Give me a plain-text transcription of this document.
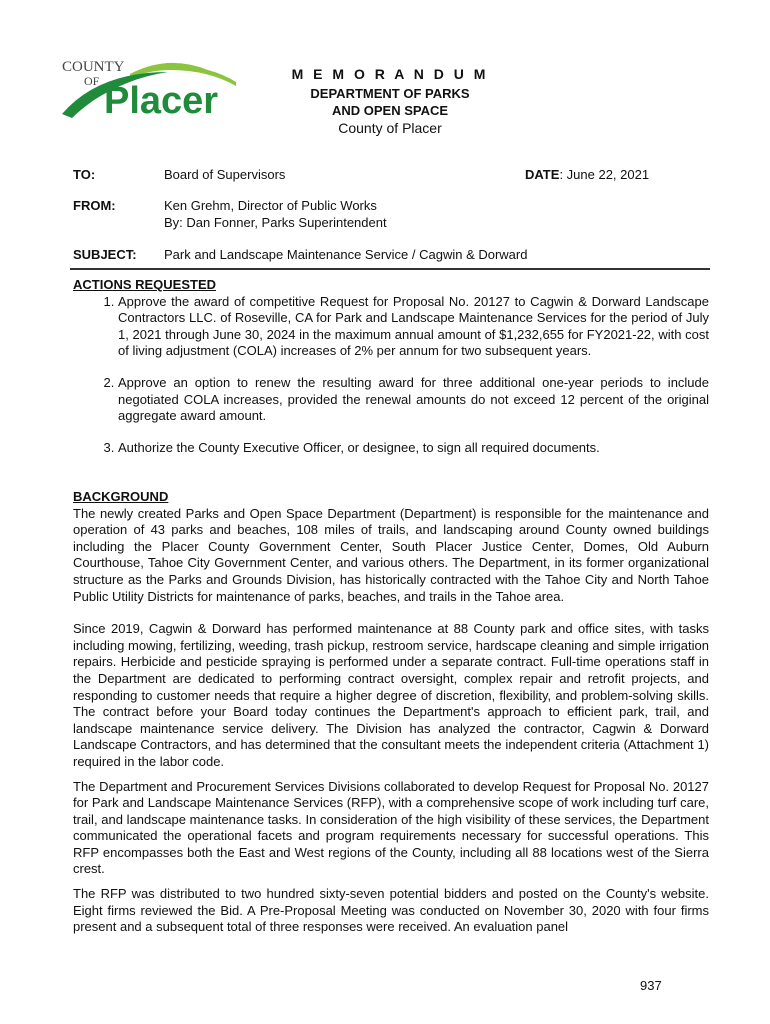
COUNTY
OF Placer
M E M O R A N D U M
DEPARTMENT OF PARKS
AND OPEN SPACE
County of Placer
TO:	Board of Supervisors	DATE: June 22, 2021
FROM:	Ken Grehm, Director of Public Works
By: Dan Fonner, Parks Superintendent
SUBJECT: Park and Landscape Maintenance Service / Cagwin & Dorward
ACTIONS REQUESTED
1. Approve the award of competitive Request for Proposal No. 20127 to Cagwin & Dorward Landscape Contractors LLC. of Roseville, CA for Park and Landscape Maintenance Services for the period of July 1, 2021 through June 30, 2024 in the maximum annual amount of $1,232,655 for FY2021-22, with cost of living adjustment (COLA) increases of 2% per annum for two subsequent years.
2. Approve an option to renew the resulting award for three additional one-year periods to include negotiated COLA increases, provided the renewal amounts do not exceed 12 percent of the original aggregate award amount.
3. Authorize the County Executive Officer, or designee, to sign all required documents.
BACKGROUND

The newly created Parks and Open Space Department (Department) is responsible for the maintenance and operation of 43 parks and beaches, 108 miles of trails, and landscaping around County owned buildings including the Placer County Government Center, South Placer Justice Center, Domes, Old Auburn Courthouse, Tahoe City Government Center, and various others. The Department, in its former organizational structure as the Parks and Grounds Division, has historically contracted with the Tahoe City and North Tahoe Public Utility Districts for maintenance of parks, beaches, and trails in the Tahoe area.

Since 2019, Cagwin & Dorward has performed maintenance at 88 County park and office sites, with tasks including mowing, fertilizing, weeding, trash pickup, restroom service, hardscape cleaning and simple irrigation repairs. Herbicide and pesticide spraying is performed under a separate contract. Full-time operations staff in the Department are dedicated to performing contract oversight, complex repair and retrofit projects, and responding to customer needs that require a higher degree of discretion, flexibility, and problem-solving skills. The contract before your Board today continues the Department's approach to efficient park, trail, and landscape maintenance service delivery. The Division has analyzed the contractor, Cagwin & Dorward Landscape Contractors, and has determined that the consultant meets the independent criteria (Attachment 1) required in the labor code.

The Department and Procurement Services Divisions collaborated to develop Request for Proposal No. 20127 for Park and Landscape Maintenance Services (RFP), with a comprehensive scope of work including turf care, trail, and landscape maintenance tasks. In consideration of the high visibility of these services, the Department communicated the operational facets and program requirements necessary for successful operations. This RFP encompasses both the East and West regions of the County, including all 88 locations west of the Sierra crest.

The RFP was distributed to two hundred sixty-seven potential bidders and posted on the County's website. Eight firms reviewed the Bid. A Pre-Proposal Meeting was conducted on November 30, 2020 with four firms present and a subsequent total of three responses were received. An evaluation panel

937
